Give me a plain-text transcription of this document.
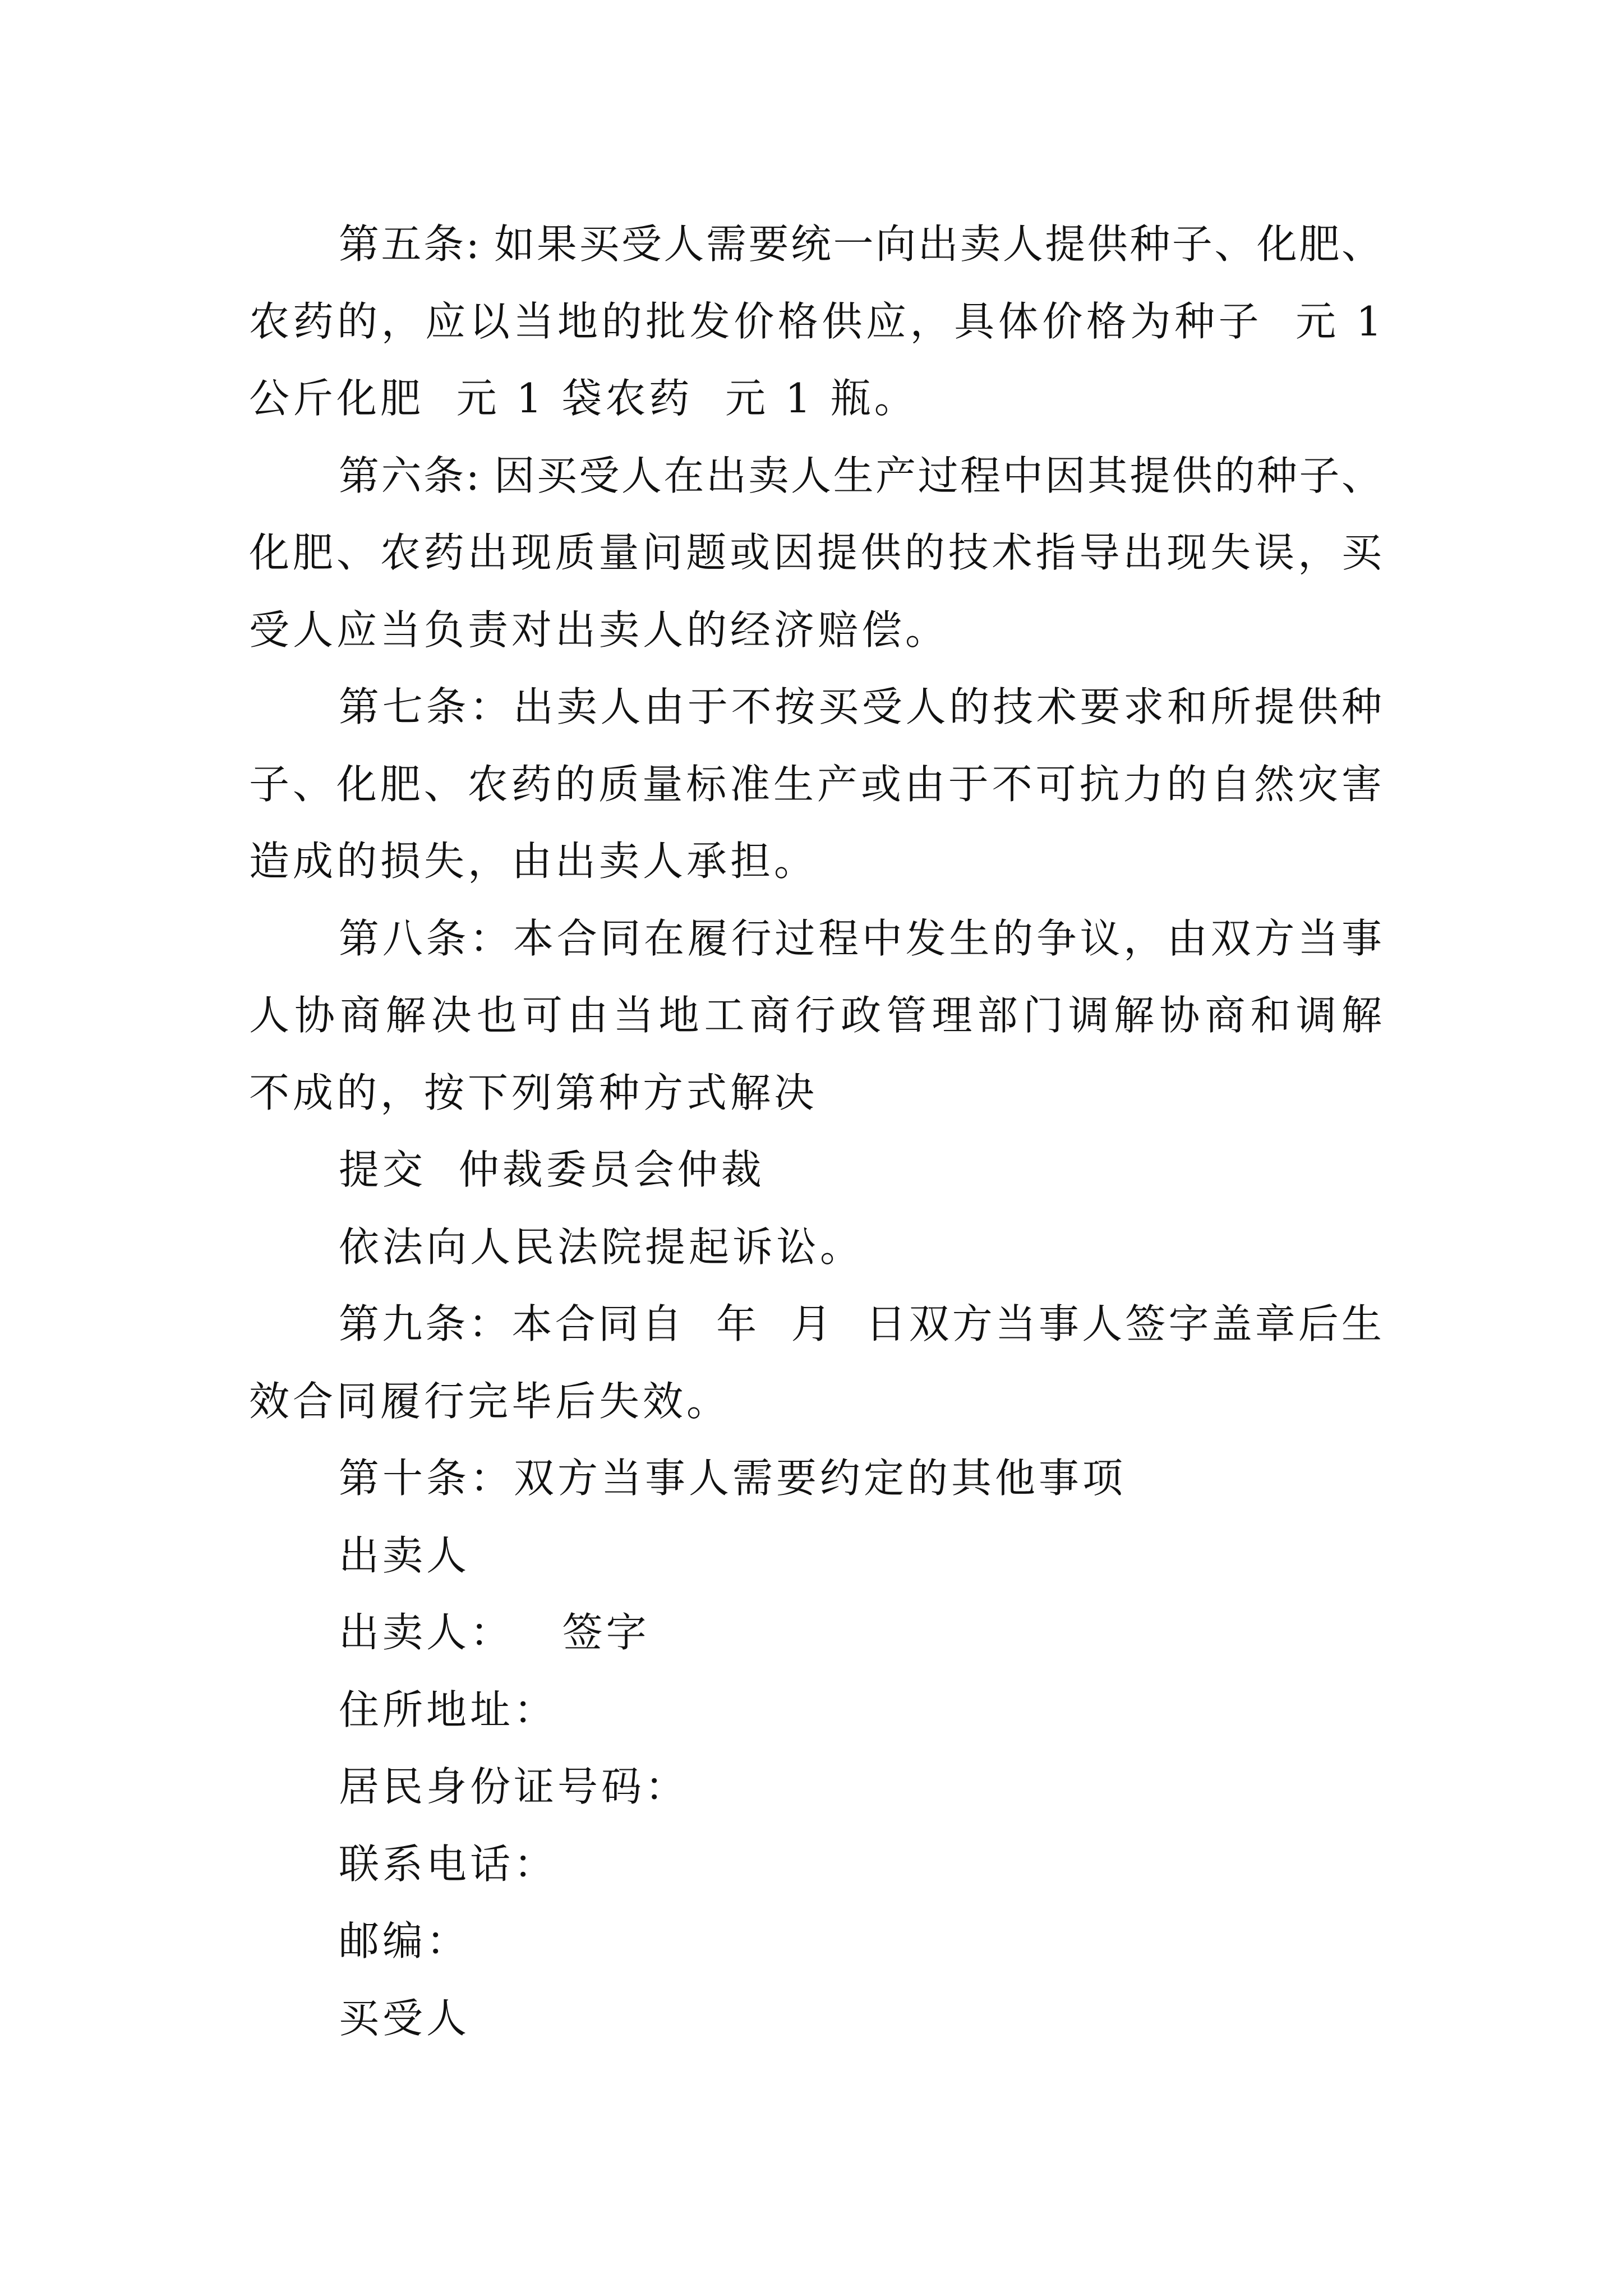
第五条: 如果买受人需要统一向出卖人提供种子、化肥、
农药的，应以当地的批发价格供应，具体价格为种子  元 1
公斤化肥  元 1 袋农药  元 1 瓶。
第六条: 因买受人在出卖人生产过程中因其提供的种子、
化肥、农药出现质量问题或因提供的技术指导出现失误，买
受人应当负责对出卖人的经济赔偿。
第七条：出卖人由于不按买受人的技术要求和所提供种
子、化肥、农药的质量标准生产或由于不可抗力的自然灾害
造成的损失，由出卖人承担。
第八条：本合同在履行过程中发生的争议，由双方当事
人协商解决也可由当地工商行政管理部门调解协商和调解
不成的，按下列第种方式解决
提交  仲裁委员会仲裁
依法向人民法院提起诉讼。
第九条：本合同自  年  月  日双方当事人签字盖章后生
效合同履行完毕后失效。
第十条：双方当事人需要约定的其他事项
出卖人
出卖人：   签字
住所地址：
居民身份证号码：
联系电话：
邮编：
买受人
